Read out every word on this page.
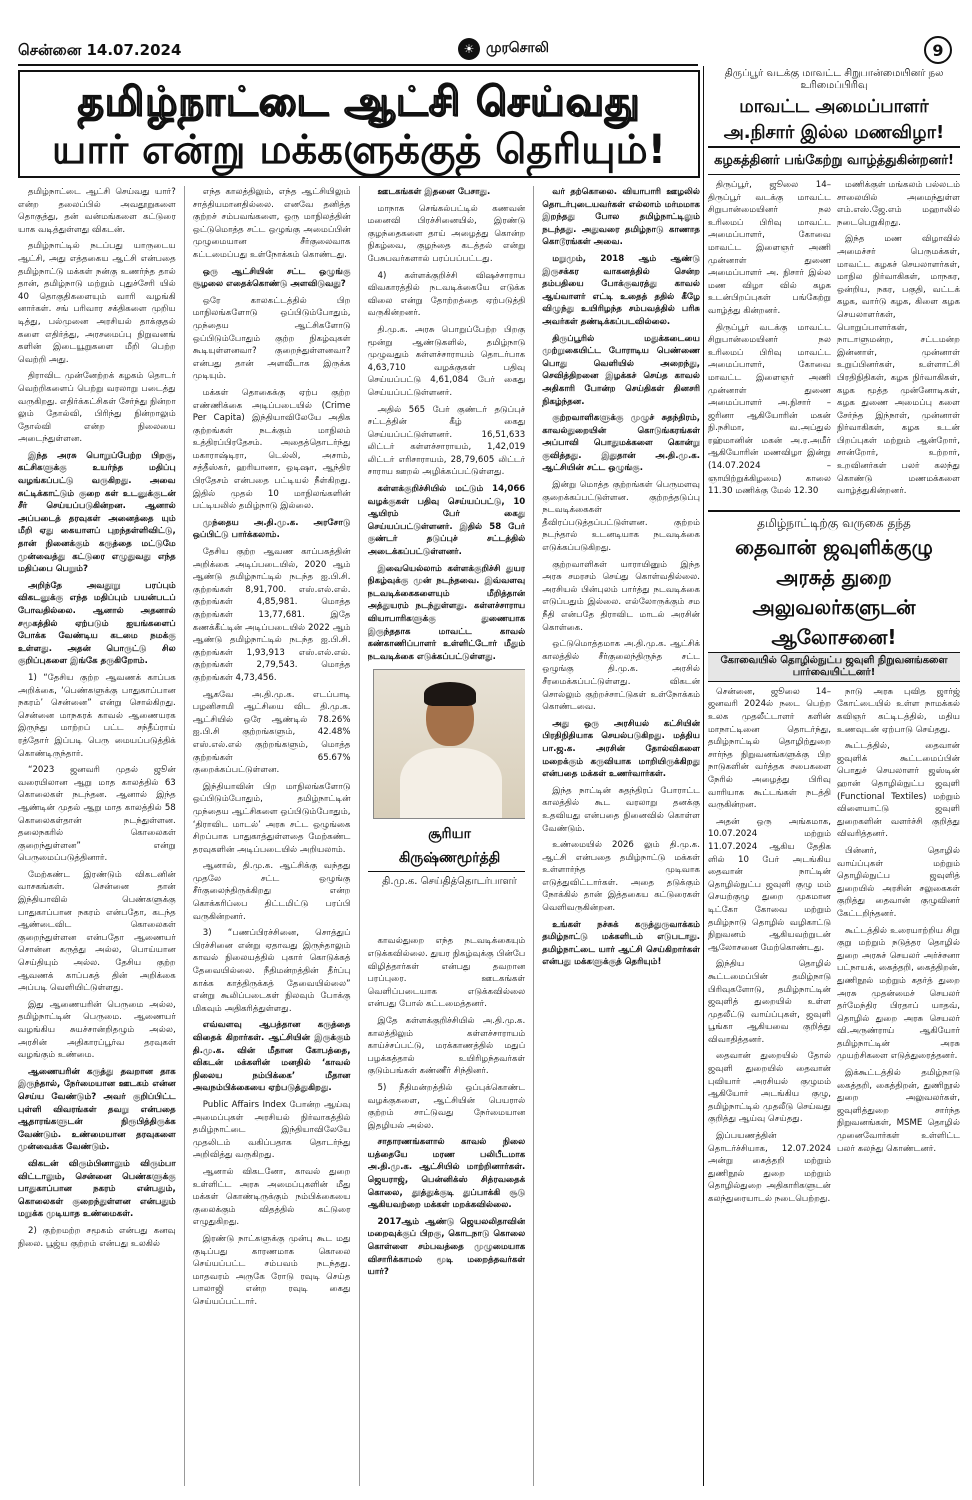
சென்னை 14.07.2024	☀ முரசொலி	9
தமிழ்நாட்டை ஆட்சி செய்வது
யார் என்று மக்களுக்குத் தெரியும்!

தமிழ்நாட்டை ஆட்சி செய்வது யார்? என்ற தலைப்பில் அவதூறுகளை தொகுத்து, தன் வன்மங்களை கட்டுரை யாக வடித்துள்ளது விகடன்.

தமிழ்நாட்டில் நடப்பது யாருடைய ஆட்சி, அது எத்தகைய ஆட்சி என்பதை தமிழ்நாட்டு மக்கள் நன்கு உணர்ந்த தால் தான், தமிழ்நாடு மற்றும் புதுச்சேரி யில் 40 தொகுதிகளையும் வாரி வழங்கி னார்கள். சங் பரிவார சக்திகளை முறிய டித்து, பல்முனை அரசியல் தாக்குதல் களை எதிர்த்து, அரசமைப்பு நிறுவனங் களின் இடையூறுகளை மீறி பெற்ற வெற்றி அது.

திராவிட முன்னேற்றக் கழகம் தொடர் வெற்றிகளைப் பெற்று வரலாறு படைத்து வருகிறது. எதிர்க்கட்சிகள் சேர்ந்து நின்றா லும் தோல்வி, பிரிந்து நின்றாலும் தோல்வி என்ற நிலையை அடைந்துள்ளன.

இந்த அரசு பொறுப்பேற்ற பிறகு, கட்சிகளுக்கு உயர்ந்த மதிப்பு வழங்கப்பட்டு வருகிறது. அவை சுட்டிக்காட்டும் குறை கள் உடனுக்குடன் சீர் செய்யப்படுகின்றன. ஆனால் அப்படைத் தரவுகள் அனைத்தை யும் மீறி ஏது கையாளப் புறந்தள்ளிவிட்டு, தான் நினைக்கும் கருத்தை மட்டுமே முன்வைத்து கட்டுரை எழுதுவது எந்த மதிப்பை பெறும்?

அறிந்தே அவதூறு பரப்பும் விகடனுக்கு எந்த மதிப்பும் பயன்படப் போவதில்லை. ஆனால் அதனால் சமூகத்தில் ஏற்படும் ஐயங்களைப் போக்க வேண்டிய கடமை நமக்கு உள்ளது. அதன் பொருட்டு சில குறிப்புகளை இங்கே தருகிறோம்.

1) “தேசிய குற்ற ஆவணக் காப்பக அறிக்கை, ‘பெண்களுக்கு பாதுகாப்பான நகரம்’ சென்னை” என்று சொல்கிறது. சென்னை மாநகரக் காவல் ஆணையரக இருந்து மாற்றப் பட்ட சந்தீப்ராய் ரத்தோர் இப்படி பெரு மையப்படுத்திக் கொண்டிருந்தார்.

“2023 ஜனவரி முதல் ஜூன் வரையிலான ஆறு மாத காலத்தில் 63 கொலைகள் நடந்தன. ஆனால் இந்த ஆண்டின் முதல் ஆறு மாத காலத்தில் 58 கொலைகள்தான் நடந்துள்ளன. தலைநகரில் கொலைகள் குறைந்துள்ளன” என்று பெருமைப்படுத்தினார்.

மேற்கண்ட இரண்டும் விகடனின் வாசகங்கள். சென்னை தான் இந்தியாவில் பெண்களுக்கு பாதுகாப்பான நகரம் என்பதோ, கடந்த ஆண்டைவிட கொலைகள் குறைந்துள்ளன என்பதோ ஆணையர் சொன்ன கருத்து அல்ல, பொய்யான செய்தியும் அல்ல. தேசிய குற்ற ஆவணக் காப்பகத் தின் அறிக்கை அப்படி வெளியிட்டுள்ளது.

இது ஆணையரின் பெருமை அல்ல, தமிழ்நாட்டின் பெருமை. ஆணையர் வழங்கிய சுயச்சான்றிதழும் அல்ல, அரசின் அதிகாரப்பூர்வ தரவுகள் வழங்கும் உண்மை.

ஆணையரின் கருத்து தவறான தாக இருந்தால், நேர்மையான ஊடகம் என்ன செய்ய வேண்டும்? அவர் குறிப்பிட்ட புள்ளி விவரங்கள் தவறு என்பதை ஆதாரங்களுடன் நிரூபித்திருக்க வேண்டும். உண்மையான தரவுகளை முன்வைக்க வேண்டும்.

விகடன் விரும்பினாலும் விரும்பா விட்டாலும், சென்னை பெண்களுக்கு பாதுகாப்பான நகரம் என்பதும், கொலைகள் குறைந்துள்ளன என்பதும் மறுக்க முடியாத உண்மைகள்.

2) குற்றமற்ற சமூகம் என்பது கனவு நிலை. பூஜ்ய குற்றம் என்பது உலகில்

எந்த காலத்திலும், எந்த ஆட்சியிலும் சாத்தியமானதில்லை. எனவே தனித்த குற்றச் சம்பவங்களை, ஒரு மாநிலத்தின் ஒட்டுமொத்த சட்ட ஒழுங்கு அமைப்பின் முழுமையான சீர்குலைவாக கட்டமைப்பது உள்நோக்கம் கொண்டது.

ஒரு ஆட்சியின் சட்ட ஒழுங்கு சூழலை எதைக்கொண்டு அளவிடுவது?

ஒரே காலகட்டத்தில் பிற மாநிலங்களோடு ஒப்பிடும்போதும், முந்தைய ஆட்சிகளோடு ஒப்பிடும்போதும் குற்ற நிகழ்வுகள் கூடியுள்ளனவா? குறைந்துள்ளனவா? என்பது தான் அளவீடாக இருக்க முடியும்.

மக்கள் தொகைக்கு ஏற்ப குற்ற எண்ணிக்கை அடிப்படையில் (Crime Per Capita) இந்தியாவிலேயே அதிக குற்றங்கள் நடக்கும் மாநிலம் உத்திரப்பிரதேசம். அதைத்தொடர்ந்து மகாராஷ்டிரா, டெல்லி, அசாம், சத்தீஸ்கர், ஹரியானா, ஒடிஷா, ஆந்திர பிரதேசம் என்பதை பட்டியல் நீள்கிறது. இதில் முதல் 10 மாநிலங்களின் பட்டியலில் தமிழ்நாடு இல்லை.

முந்தைய அ.தி.மு.க. அரசோடு ஒப்பிட்டு பார்க்கலாம்.

தேசிய குற்ற ஆவண காப்பகத்தின் அறிக்கை அடிப்படையில், 2020 ஆம் ஆண்டு தமிழ்நாட்டில் நடந்த ஐ.பி.சி. குற்றங்கள் 8,91,700. எஸ்.எல்.எல். குற்றங்கள் 4,85,981. மொத்த குற்றங்கள் 13,77,681. இதே கணக்கீட்டின் அடிப்படையில் 2022 ஆம் ஆண்டு தமிழ்நாட்டில் நடந்த ஐ.பி.சி. குற்றங்கள் 1,93,913 எஸ்.எல்.எல். குற்றங்கள் 2,79,543. மொத்த குற்றங்கள் 4,73,456.

ஆகவே அ.தி.மு.க. எடப்பாடி பழனிசாமி ஆட்சியை விட தி.மு.க. ஆட்சியில் ஒரே ஆண்டில் 78.26% ஐ.பி.சி குற்றங்களும், 42.48% எஸ்.எல்.எல் குற்றங்களும், மொத்த குற்றங்கள் 65.67% குறைக்கப்பட்டுள்ளன.

இந்தியாவின் பிற மாநிலங்களோடு ஒப்பிடும்போதும், தமிழ்நாட்டின் முந்தைய ஆட்சிகளை ஒப்பிடும்போதும், ‘திராவிட மாடல்’ அரசு சட்ட ஒழுங்கை சிறப்பாக பாதுகாத்துள்ளதை மேற்கண்ட தரவுகளின் அடிப்படையில் அறியலாம்.

ஆனால், தி.மு.க. ஆட்சிக்கு வந்தது முதலே சட்ட ஒழுங்கு சீர்குலைந்திருக்கிறது என்ற கொக்கரிப்பை திட்டமிட்டு பரப்பி வருகின்றனர்.

3) “பணப்பிரச்சினை, சொத்துப் பிரச்சினை என்று ஏதாவது இருந்தாலும் காவல் நிலையத்தில் புகார் கொடுக்கத் தேவையில்லை. நீதிமன்றத்தின் தீர்ப்பு காக்க காத்திருக்கத் தேவையில்லை” என்று கூலிப்படைகள் நிலவும் போக்கு மிகவும் அதிகரித்துள்ளது.

எவ்வளவு ஆபத்தான கருத்தை விதைக் கிறார்கள். ஆட்சியின் இருக்கும் தி.மு.க. வின் மீதான கோபத்தை, விகடன் மக்களின் மனதில் ‘காவல் நிலைய நம்பிக்கை’ மீதான அவநம்பிக்கையை ஏற்படுத்துகிறது.

Public Affairs Index போன்ற ஆய்வு அமைப்புகள் அரசியல் நிர்வாகத்தில் தமிழ்நாட்டை இந்தியாவிலேயே முதலிடம் வகிப்பதாக தொடர்ந்து அறிவித்து வருகிறது.

ஆனால் விகடனோ, காவல் துறை உள்ளிட்ட அரசு அமைப்புகளின் மீது மக்கள் கொண்டிருக்கும் நம்பிக்கையை குலைக்கும் விதத்தில் கட்டுரை எழுதுகிறது.

இரண்டு நாட்களுக்கு முன்பு கூட மது குடிப்பது காரணமாக கொலை செய்யப்பட்ட சம்பவம் நடந்தது. மாதவரம் அருகே ரோடு ரவுடி செய்த பாலாஜி என்ற ரவுடி கைது செய்யப்பட்டார்.

ஊடகங்கள் இதனை பேசாது.

மாநாக செங்கல்பட்டில் கணவன் மனைவி பிரச்சினையில், இரண்டு குழந்தைகளை தாய் அழைத்து கொன்ற நிகழ்வை, குழந்தை கடத்தல் என்று பேசுபவர்களால் பரப்பப்பட்டது.

4) கள்ளக்குறிச்சி விஷச்சாராய விவகாரத்தில் நடவடிக்கையே எடுக்க விலை என்று தோற்றத்தை ஏற்படுத்தி வருகின்றனர்.

தி.மு.க. அரசு பொறுப்பேற்ற பிறகு மூன்று ஆண்டுகளில், தமிழ்நாடு முழுவதும் கள்ளச்சாராயம் தொடர்பாக 4,63,710 வழக்குகள் பதிவு செய்யப்பட்டு 4,61,084 பேர் கைது செய்யப்பட்டுள்ளனர்.

அதில் 565 பேர் குண்டர் தடுப்புச் சட்டத்தின் கீழ் கைது செய்யப்பட்டுள்ளனர். 16,51,633 லிட்டர் கள்ளச்சாராயம், 1,42,019 லிட்டர் எரிசாராயம், 28,79,605 லிட்டர் சாராய ஊறல் அழிக்கப்பட்டுள்ளது.

கள்ளக்குறிச்சியில் மட்டும் 14,066 வழக்குகள் பதிவு செய்யப்பட்டு, 10 ஆயிரம் பேர் கைது செய்யப்பட்டுள்ளனர். இதில் 58 பேர் குண்டர் தடுப்புச் சட்டத்தில் அடைக்கப்பட்டுள்ளனர்.

இவையெல்லாம் கள்ளக்குறிச்சி துயர நிகழ்வுக்கு முன் நடந்தவை. இவ்வளவு நடவடிக்கைகளையும் மீறித்தான் அத்துயரம் நடந்துள்ளது. கள்ளச்சாராய வியாபாரிகளுக்கு துணையாக இருந்ததாக மாவட்ட காவல் கண்காணிப்பாளர் உள்ளிட்டோர் மீதும் நடவடிக்கை எடுக்கப்பட்டுள்ளது.

சூரியா
கிருஷ்ணமூர்த்தி
தி.மு.க. செய்தித்தொடர்பாளர்

காவல்துறை எந்த நடவடிக்கையும் எடுக்கவில்லை. துயர நிகழ்வுக்கு பின்பே விழித்தார்கள் என்பது தவறான பரப்புரை. ஊடகங்கள் வெளிப்படையாக எடுக்கவில்லை என்பது போல் கட்டமைத்தனர்.

இதே கள்ளக்குறிச்சியில் அ.தி.மு.க. காலத்திலும் கள்ளச்சாராயம் காய்ச்சப்பட்டு, மரக்காணத்தில் மதுப் பழக்கத்தால் உயிரிழந்தவர்கள் குடும்பங்கள் கண்ணீர் சிந்தினர்.

5) நீதிமன்றத்தில் ஒப்புக்கொண்ட வழக்குகளை, ஆட்சியின் பெயரால் குற்றம் சாட்டுவது நேர்மையான இதழியல் அல்ல.

சாதாரணங்களால் காவல் நிலை யத்தையே மரண பலிபீடமாக அ.தி.மு.க. ஆட்சியில் மாற்றினார்கள். ஜெயராஜ், பென்னிக்ஸ் சித்ரவதைக் கொலை, தூத்துக்குடி துப்பாக்கி சூடு ஆகியவற்றை மக்கள் மறக்கவில்லை.

2017ஆம் ஆண்டு ஜெயலலிதாவின் மறைவுக்குப் பிறகு, கொடநாடு கொலை கொள்ளை சம்பவத்தை முழுமையாக விசாரிக்காமல் மூடி மறைத்தவர்கள் யார்?

வர் தற்கொலை. வியாபாரி ஊழலில் தொடர்புடையவர்கள் எல்லாம் மர்மமாக இறந்தது போல தமிழ்நாட்டிலும் நடந்தது. அதுவரை தமிழ்நாடு காணாத கொடூரங்கள் அவை.

மறுமும், 2018 ஆம் ஆண்டு இருசக்கர வாகனத்தில் சென்ற தம்பதியை போக்குவரத்து காவல் ஆய்வாளர் எட்டி உதைத் ததில் கீழே விழுந்து உயிரிழந்த சம்பவத்தில் பரிசு அவர்கள் தண்டிக்கப்படவில்லை.

திருப்பூரில் மதுக்கடையை முற்றுகையிட்ட போராடிய பெண்ணை பொது வெளியில் அறைந்து, செவித்திறனை இழக்கச் செய்த காவல் அதிகாரி போன்ற செய்திகள் தினசரி நிகழ்ந்தன.

குற்றவாளிகளுக்கு முழுச் சுதந்திரம், காவல்துறையின் கொடுங்கரங்கள் அப்பாவி பொதுமக்களை கொன்று குவித்தது. இதுதான் அ.தி.மு.க. ஆட்சியின் சட்ட ஒழுங்கு.

இன்று மொத்த குற்றங்கள் பெருமளவு குறைக்கப்பட்டுள்ளன. குற்றத்தடுப்பு நடவடிக்கைகள் தீவிரப்படுத்தப்பட்டுள்ளன. குற்றம் நடந்தால் உடனடியாக நடவடிக்கை எடுக்கப்படுகிறது.

குற்றவாளிகள் யாராயினும் இந்த அரசு சமரசம் செய்து கொள்வதில்லை. அரசியல் பின்புலம் பார்த்து நடவடிக்கை எடுப்பதும் இல்லை. எல்லோருக்கும் சம நீதி என்பதே திராவிட மாடல் அரசின் கொள்கை.

ஒட்டுமொத்தமாக அ.தி.மு.க. ஆட்சிக் காலத்தில் சீர்குலைந்திருந்த சட்ட ஒழுங்கு தி.மு.க. அரசில் சீரமைக்கப்பட்டுள்ளது. விகடன் சொல்லும் குற்றச்சாட்டுகள் உள்நோக்கம் கொண்டவை.

அது ஒரு அரசியல் கட்சியின் பிரதிநிதியாக செயல்படுகிறது. மத்திய பா.ஜ.க. அரசின் தோல்விகளை மறைக்கும் கருவியாக மாறியிருக்கிறது என்பதை மக்கள் உணர்வார்கள்.

இந்த நாட்டின் சுதந்திரப் போராட்ட காலத்தில் கூட வரலாறு தனக்கு உதவியது என்பதை நினைவில் கொள்ள வேண்டும்.

உண்மையில் 2026 லும் தி.மு.க. ஆட்சி என்பதை தமிழ்நாட்டு மக்கள் உள்ளார்ந்த முடிவாக எடுத்துவிட்டார்கள். அதை தடுக்கும் நோக்கில் தான் இத்தகைய கட்டுரைகள் வெளிவருகின்றன.

உங்கள் நச்சுக் கருத்துருவாக்கம் தமிழ்நாட்டு மக்களிடம் எடுபடாது. தமிழ்நாட்டை யார் ஆட்சி செய்கிறார்கள் என்பது மக்களுக்குத் தெரியும்!

திருப்பூர் வடக்கு மாவட்ட சிறுபான்மையினர் நல உரிமைப்பிரிவு
மாவட்ட அமைப்பாளர் அ.நிசார் இல்ல மணவிழா!
கழகத்தினர் பங்கேற்று வாழ்த்துகின்றனர்!

திருப்பூர், ஜூலை 14– திருப்பூர் வடக்கு மாவட்ட சிறுபான்மையினர் நல உரிமைப் பிரிவு மாவட்ட அமைப்பாளர், கோவை மாவட்ட இளைஞர் அணி முன்னாள் துணை அமைப்பாளர் அ. நிசார் இல்ல மண விழா வில் கழக உடன்பிறப்புகள் பங்கேற்று வாழ்த்து கின்றனர்.

திருப்பூர் வடக்கு மாவட்ட சிறுபான்மையினர் நல உரிமைப் பிரிவு மாவட்ட அமைப்பாளர், கோவை மாவட்ட இளைஞர் அணி முன்னாள் துணை அமைப்பாளர் அ.நிசார் – ஜரினா ஆகியோரின் மகன் நி.நசிமா, வ.அப்துல் ரஹ்மானின் மகன் அ.ர.அமீர் ஆகியோரின் மணவிழா இன்று (14.07.2024 – ஞாயிற்றுக்கிழமை) காலை 11.30 மணிக்கு மேல் 12.30

மணிக்குள் மங்கலம் பல்லடம் சாலையில் அமைந்துள்ள எம்.எஸ்.ஜே.எம் மஹாலில் நடைபெறுகிறது.

இந்த மண விழாவில் அமைச்சர் பெருமக்கள், மாவட்ட கழகச் செயலாளர்கள், மாநில நிர்வாகிகள், மாநகர, ஒன்றிய, நகர, பகுதி, வட்டக் கழக, வார்டு கழக, கிளை கழக செயலாளர்கள், பொறுப்பாளர்கள், நாடாளுமன்ற, சட்டமன்ற இன்னாள், முன்னாள் உறுப்பினர்கள், உள்ளாட்சி பிரதிநிதிகள், கழக நிர்வாகிகள், கழக மூத்த முன்னோடிகள், கழக துணை அமைப்பு களை சேர்ந்த இந்நாள், முன்னாள் நிர்வாகிகள், கழக உடன் பிறப்புகள் மற்றும் ஆன்றோர், சான்றோர், உற்றார், உறவினர்கள் பலர் கலந்து கொண்டு மணமக்களை வாழ்த்துகின்றனர்.

தமிழ்நாட்டிற்கு வருகை தந்த
தைவான் ஜவுளிக்குழு அரசுத் துறை
அலுவலர்களுடன் ஆலோசனை!
கோவையில் தொழில்நுட்ப ஜவுளி நிறுவனங்களை பார்வையிட்டனர்!

சென்னை, ஜூலை 14– ஜனவரி 2024ல் நடை பெற்ற உலக முதலீட்டாளர் களின் மாநாட்டினை தொடர்ந்து, தமிழ்நாட்டில் தொழிற்துறை சார்ந்த நிறுவனங்களுக்கு பிற நாடுகளின் வர்த்தக சபைகளை நேரில் அழைத்து பிரிவு வாரியாக கூட்டங்கள் நடத்தி வருகின்றன.

அதன் ஒரு அங்கமாக, 10.07.2024 மற்றும் 11.07.2024 ஆகிய தேதிக ளில் 10 பேர் அடங்கிய தைவான் நாட்டின் தொழில்நுட்ப ஜவுளி குழு மம் செயற்குழு துறை முகமான டிட்கோ கோவை மற்றும் தமிழ்நாடு தொழில் வழிகாட்டு நிறுவனம் ஆகியவற்றுடன் ஆலோசனை மேற்கொண்டது.

இந்திய தொழில் கூட்டமைப்பின் தமிழ்நாடு பிரிவுகளோடு, தமிழ்நாட்டின் ஜவுளித் துறையில் உள்ள முதலீட்டு வாய்ப்புகள், ஜவுளி பூங்கா ஆகியவை குறித்து விவாதித்தனர்.

தைவான் துறையில் தோல் ஜவுளி துறையில் தைவான் புவியார் அரசியல் குழுமம் ஆகியோர் அடங்கிய குழு, தமிழ்நாட்டில் முதலீடு செய்வது குறித்து ஆய்வு செய்தது.

இப்பயணத்தின் தொடர்ச்சியாக, 12.07.2024 அன்று கைத்தறி மற்றும் துணிநூல் துறை மற்றும் தொழில்துறை அதிகாரிகளுடன் கலந்துரையாடல் நடைபெற்றது.

நாடு அரசு புவித ஜார்ஜ் கோட்டையில் உள்ள நாமக்கல் கவிஞர் கட்டிடத்தில், மதிய உணவுடன் ஏற்பாடு செய்தது.

கூட்டத்தில், தைவான் ஜவுளிக் கூட்டமைப்பின் பொதுச் செயலாளர் ஜஸ்டின் ஹான் தொழில்நுட்ப ஜவுளி (Functional Textiles) மற்றும் விளையாட்டு ஜவுளி துறைகளின் வளர்ச்சி குறித்து விவரித்தனர்.

பின்னர், தொழில் வாய்ப்புகள் மற்றும் தொழில்நுட்ப ஜவுளித் துறையில் அரசின் சலுகைகள் குறித்து தைவான் குழுவினர் கேட்டறிந்தனர்.

கூட்டத்தில் உரையாற்றிய சிறு குறு மற்றும் நடுத்தர தொழில் துறை அரசுச் செயலர் அர்ச்சனா பட்நாயக், கைத்தறி, கைத்திறன், துணிநூல் மற்றும் கதர்த் துறை அரசு முதன்மைச் செயலர் தர்மேந்திர பிரதாப் யாதவ், தொழில் துறை அரசு செயலர் வி.அருண்ராய் ஆகியோர் தமிழ்நாட்டின் அரசு முயற்சிகளை எடுத்துரைத்தனர்.

இக்கூட்டத்தில் தமிழ்நாடு கைத்தறி, கைத்திறன், துணிநூல் துறை அலுவலர்கள், ஜவுளித்துறை சார்ந்த நிறுவனங்கள், MSME தொழில் முனைவோர்கள் உள்ளிட்ட பலர் கலந்து கொண்டனர்.
